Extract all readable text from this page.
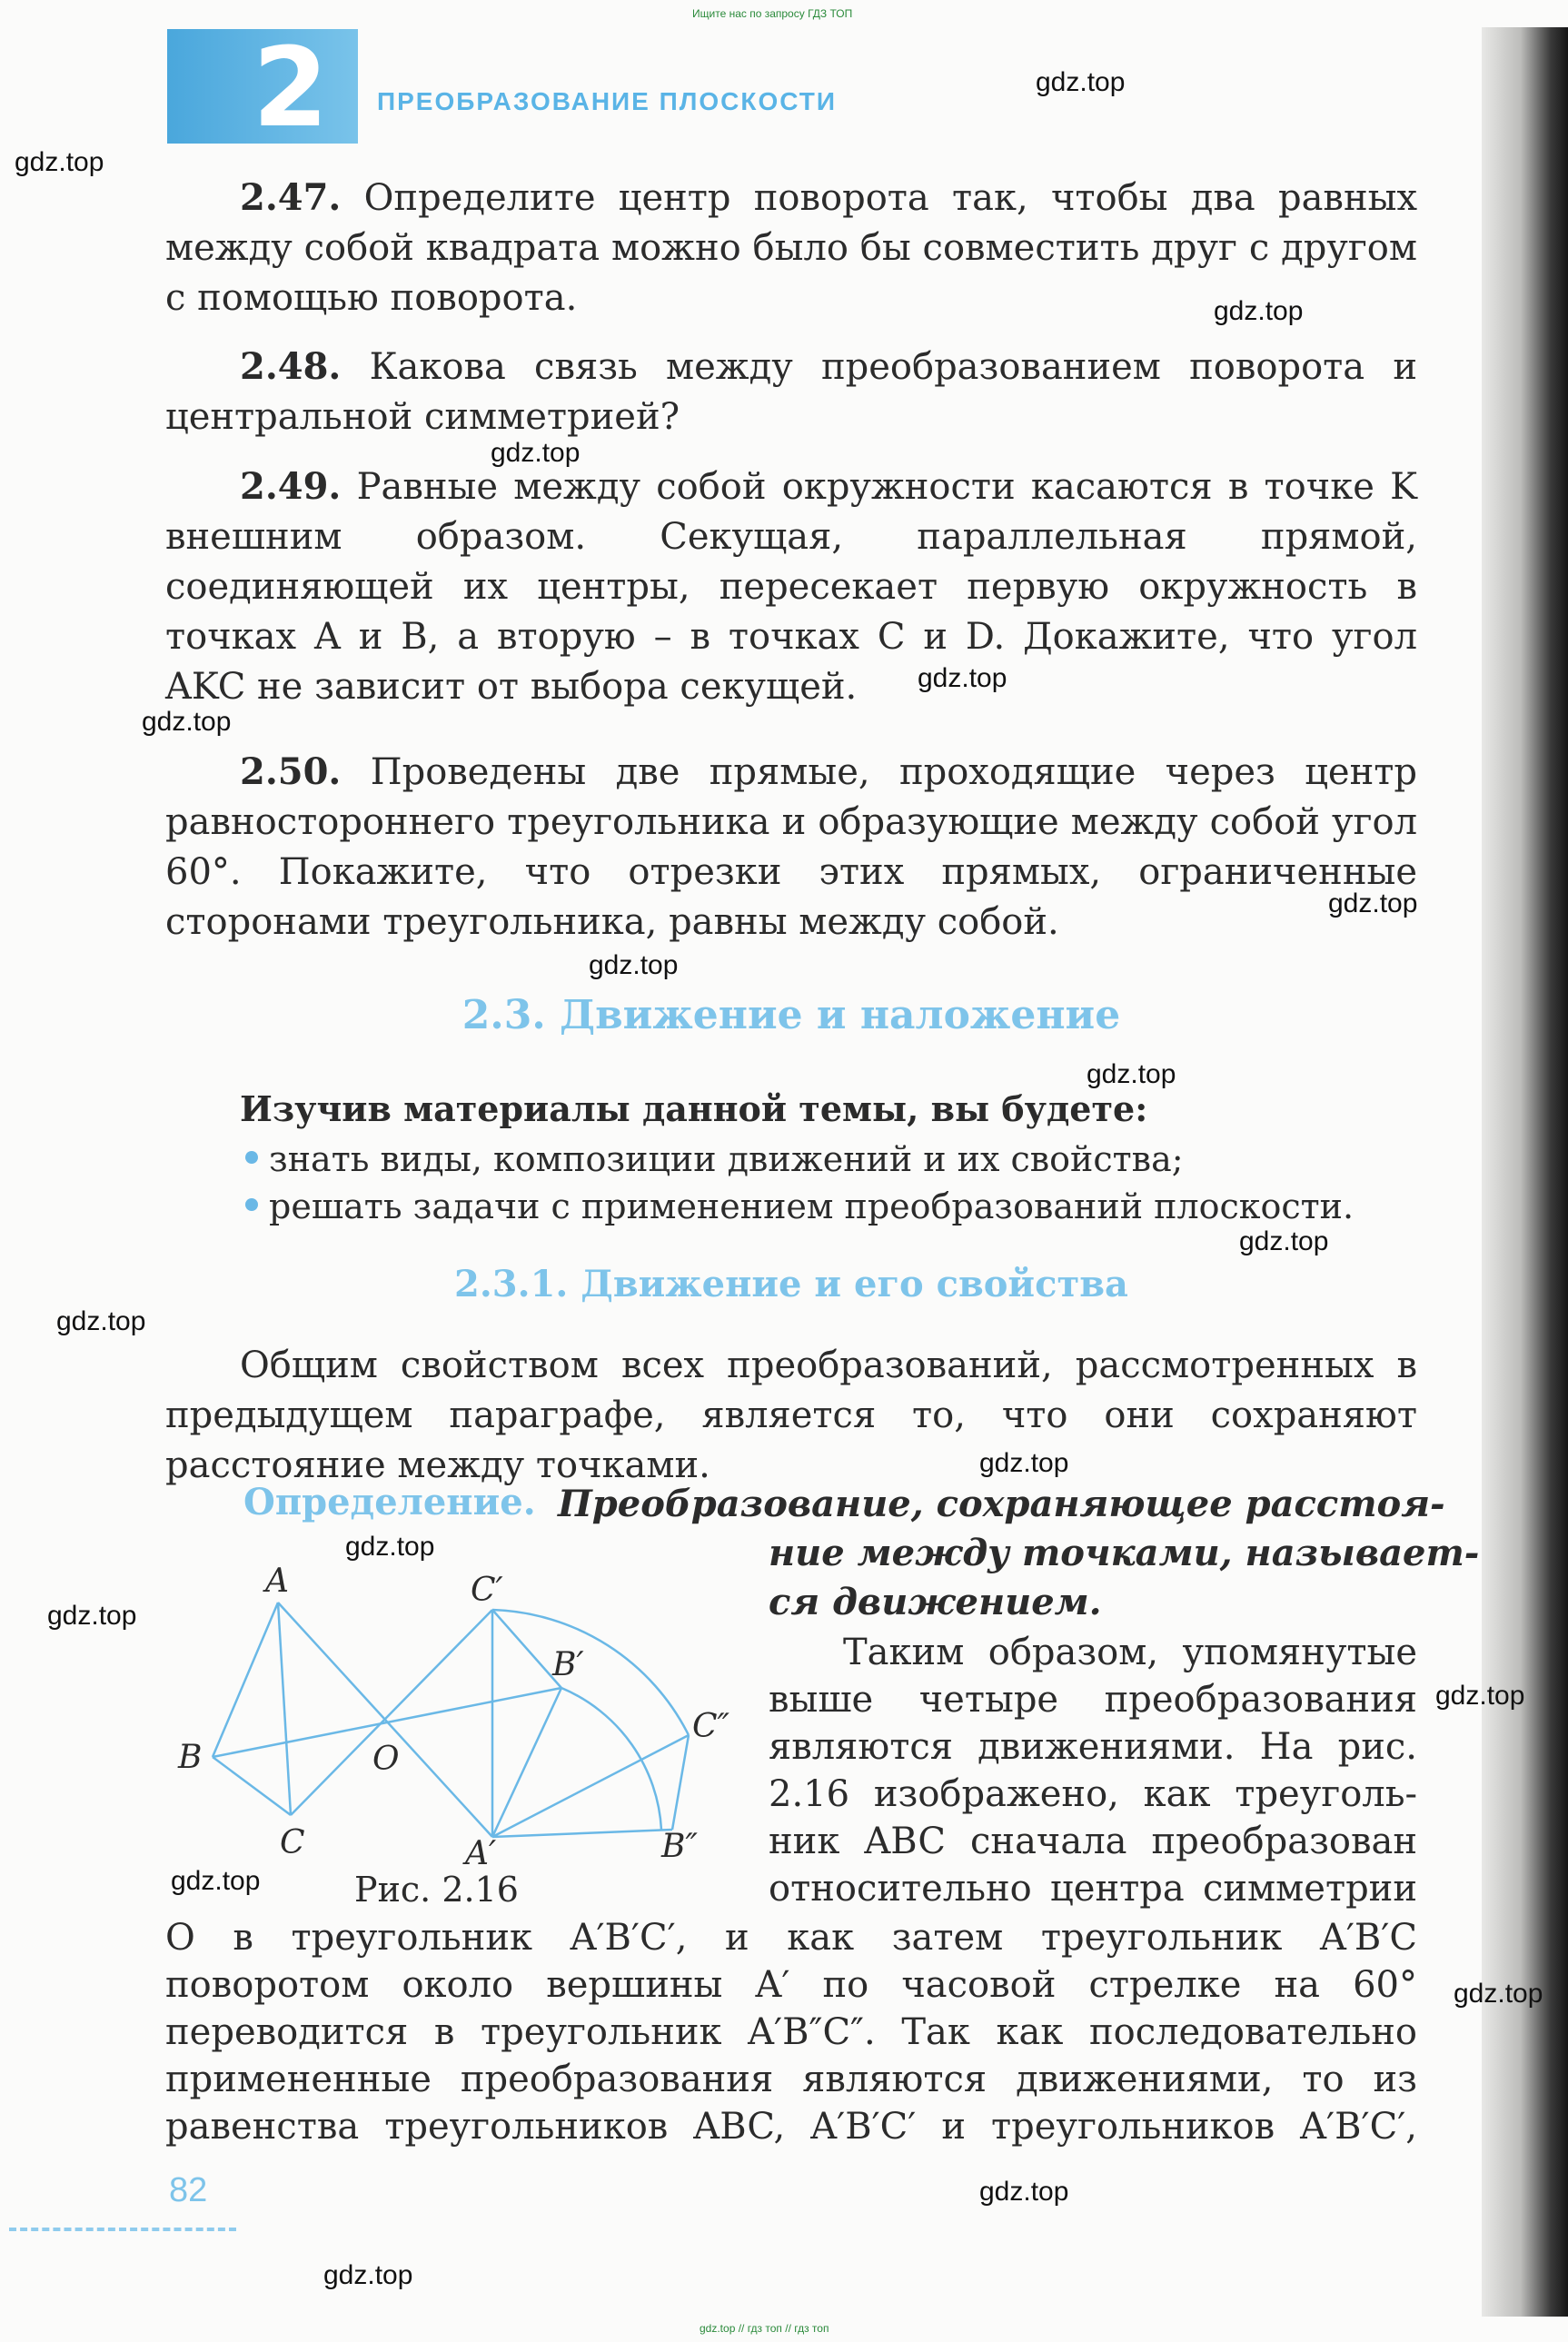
Ищите нас по запросу ГДЗ ТОП
2 ПРЕОБРАЗОВАНИЕ ПЛОСКОСТИ
2.47. Определите центр поворота так, чтобы два равных между собой квадрата можно было бы совместить друг с другом с помощью поворота.
2.48. Какова связь между преобразованием поворота и центральной симметрией?
2.49. Равные между собой окружности касаются в точке K внешним образом. Секущая, параллельная прямой, соединяющей их центры, пересекает первую окружность в точках A и B, а вторую – в точках C и D. Докажите, что угол AKC не зависит от выбора секущей.
2.50. Проведены две прямые, проходящие через центр равностороннего треугольника и образующие между собой угол 60°. Покажите, что отрезки этих прямых, ограниченные сторонами треугольника, равны между собой.
2.3. Движение и наложение
Изучив материалы данной темы, вы будете:
знать виды, композиции движений и их свойства;
решать задачи с применением преобразований плоскости.
2.3.1. Движение и его свойства
Общим свойством всех преобразований, рассмотренных в предыдущем параграфе, является то, что они сохраняют расстояние между точками.
Определение. Преобразование, сохраняющее расстоя-
ние между точками, называет-
ся движением.
A
B
C
O
A′
B′
C′
B″
C″
Рис. 2.16
Таким образом, упомянутые
выше четыре преобразования
являются движениями. На рис.
2.16 изображено, как треуголь-
ник ABC сначала преобразован
относительно центра симметрии
O в треугольник A′B′C′, и как затем треугольник A′B′C
поворотом около вершины A′ по часовой стрелке на 60°
переводится в треугольник A′B″C″. Так как последовательно
примененные преобразования являются движениями, то из
равенства треугольников ABC, A′B′C′ и треугольников A′B′C′,
82
gdz.top // гдз топ // гдз топ
gdz.top
gdz.top
gdz.top
gdz.top
gdz.top
gdz.top
gdz.top
gdz.top
gdz.top
gdz.top
gdz.top
gdz.top
gdz.top
gdz.top
gdz.top
gdz.top
gdz.top
gdz.top
gdz.top
